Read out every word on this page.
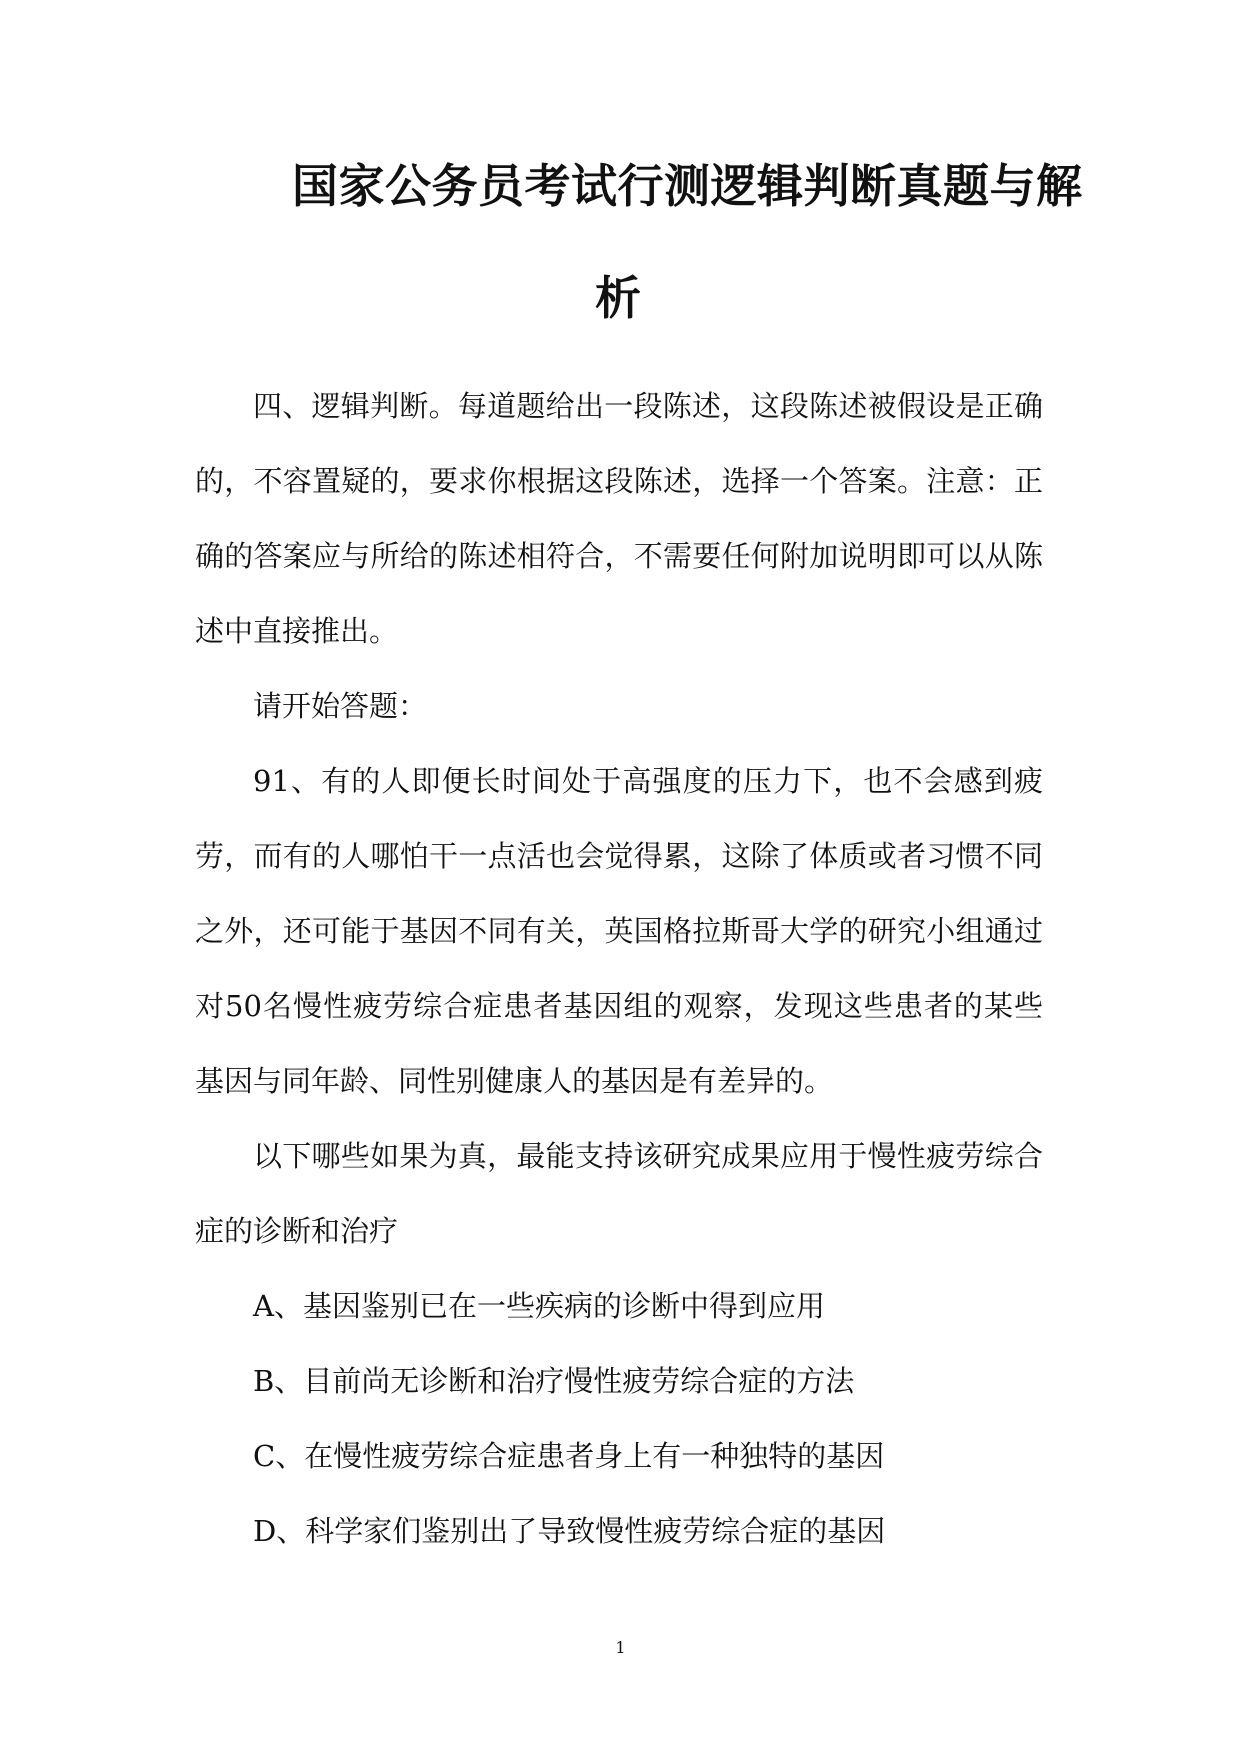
国家公务员考试行测逻辑判断真题与解
析

四、逻辑判断。每道题给出一段陈述，这段陈述被假设是正确的，不容置疑的，要求你根据这段陈述，选择一个答案。注意：正确的答案应与所给的陈述相符合，不需要任何附加说明即可以从陈述中直接推出。

请开始答题：

91、有的人即便长时间处于高强度的压力下，也不会感到疲劳，而有的人哪怕干一点活也会觉得累，这除了体质或者习惯不同之外，还可能于基因不同有关，英国格拉斯哥大学的研究小组通过对50名慢性疲劳综合症患者基因组的观察，发现这些患者的某些基因与同年龄、同性别健康人的基因是有差异的。

以下哪些如果为真，最能支持该研究成果应用于慢性疲劳综合症的诊断和治疗

A、基因鉴别已在一些疾病的诊断中得到应用

B、目前尚无诊断和治疗慢性疲劳综合症的方法

C、在慢性疲劳综合症患者身上有一种独特的基因

D、科学家们鉴别出了导致慢性疲劳综合症的基因

1
